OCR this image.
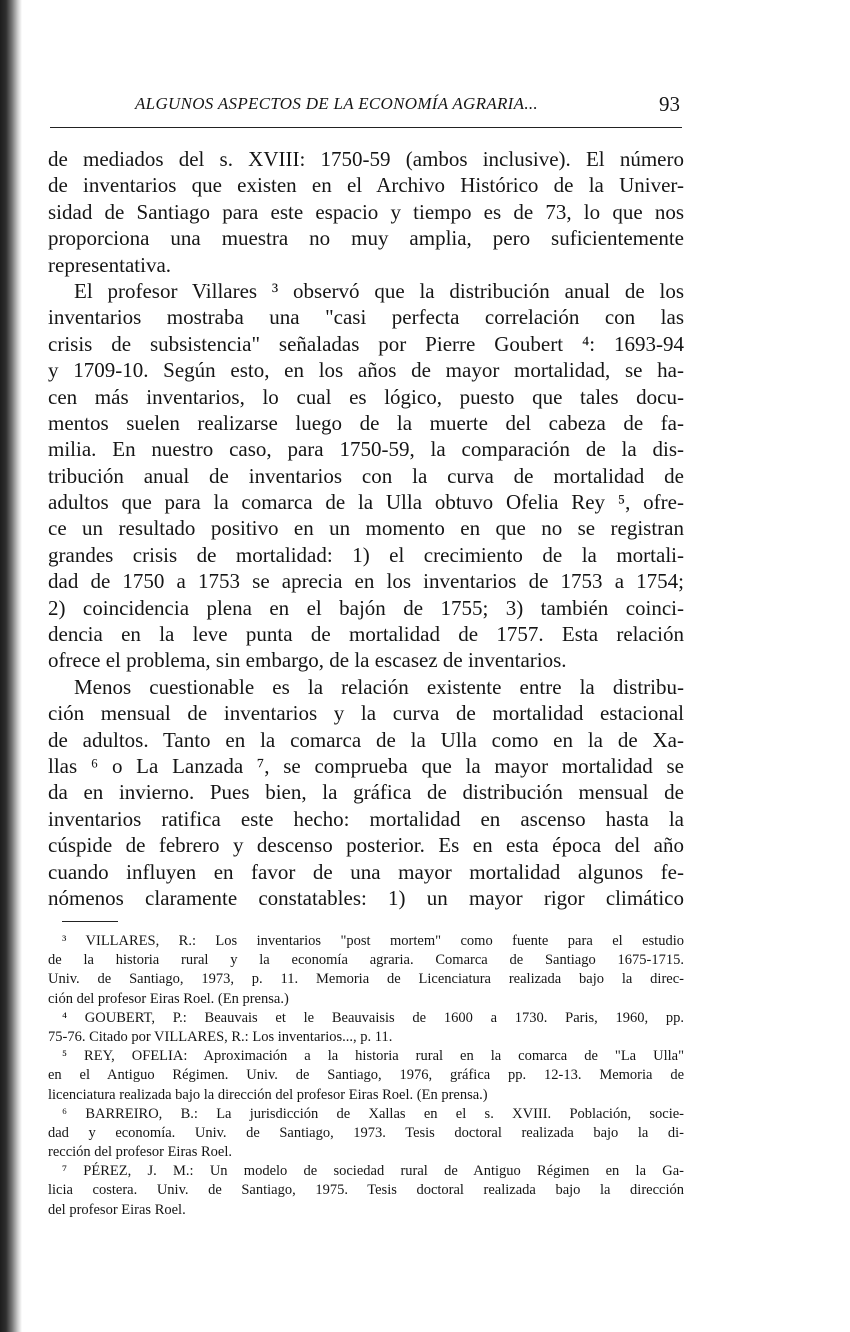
ALGUNOS ASPECTOS DE LA ECONOMÍA AGRARIA...	93
de mediados del s. XVIII: 1750-59 (ambos inclusive). El número
de inventarios que existen en el Archivo Histórico de la Univer-
sidad de Santiago para este espacio y tiempo es de 73, lo que nos
proporciona una muestra no muy amplia, pero suficientemente
representativa.
El profesor Villares ³ observó que la distribución anual de los
inventarios mostraba una "casi perfecta correlación con las
crisis de subsistencia" señaladas por Pierre Goubert ⁴: 1693-94
y 1709-10. Según esto, en los años de mayor mortalidad, se ha-
cen más inventarios, lo cual es lógico, puesto que tales docu-
mentos suelen realizarse luego de la muerte del cabeza de fa-
milia. En nuestro caso, para 1750-59, la comparación de la dis-
tribución anual de inventarios con la curva de mortalidad de
adultos que para la comarca de la Ulla obtuvo Ofelia Rey ⁵, ofre-
ce un resultado positivo en un momento en que no se registran
grandes crisis de mortalidad: 1) el crecimiento de la mortali-
dad de 1750 a 1753 se aprecia en los inventarios de 1753 a 1754;
2) coincidencia plena en el bajón de 1755; 3) también coinci-
dencia en la leve punta de mortalidad de 1757. Esta relación
ofrece el problema, sin embargo, de la escasez de inventarios.
Menos cuestionable es la relación existente entre la distribu-
ción mensual de inventarios y la curva de mortalidad estacional
de adultos. Tanto en la comarca de la Ulla como en la de Xa-
llas ⁶ o La Lanzada ⁷, se comprueba que la mayor mortalidad se
da en invierno. Pues bien, la gráfica de distribución mensual de
inventarios ratifica este hecho: mortalidad en ascenso hasta la
cúspide de febrero y descenso posterior. Es en esta época del año
cuando influyen en favor de una mayor mortalidad algunos fe-
nómenos claramente constatables: 1) un mayor rigor climático
³ VILLARES, R.: Los inventarios "post mortem" como fuente para el estudio
de la historia rural y la economía agraria. Comarca de Santiago 1675-1715.
Univ. de Santiago, 1973, p. 11. Memoria de Licenciatura realizada bajo la direc-
ción del profesor Eiras Roel. (En prensa.)
⁴ GOUBERT, P.: Beauvais et le Beauvaisis de 1600 a 1730. Paris, 1960, pp.
75-76. Citado por VILLARES, R.: Los inventarios..., p. 11.
⁵ REY, OFELIA: Aproximación a la historia rural en la comarca de "La Ulla"
en el Antiguo Régimen. Univ. de Santiago, 1976, gráfica pp. 12-13. Memoria de
licenciatura realizada bajo la dirección del profesor Eiras Roel. (En prensa.)
⁶ BARREIRO, B.: La jurisdicción de Xallas en el s. XVIII. Población, socie-
dad y economía. Univ. de Santiago, 1973. Tesis doctoral realizada bajo la di-
rección del profesor Eiras Roel.
⁷ PÉREZ, J. M.: Un modelo de sociedad rural de Antiguo Régimen en la Ga-
licia costera. Univ. de Santiago, 1975. Tesis doctoral realizada bajo la dirección
del profesor Eiras Roel.
